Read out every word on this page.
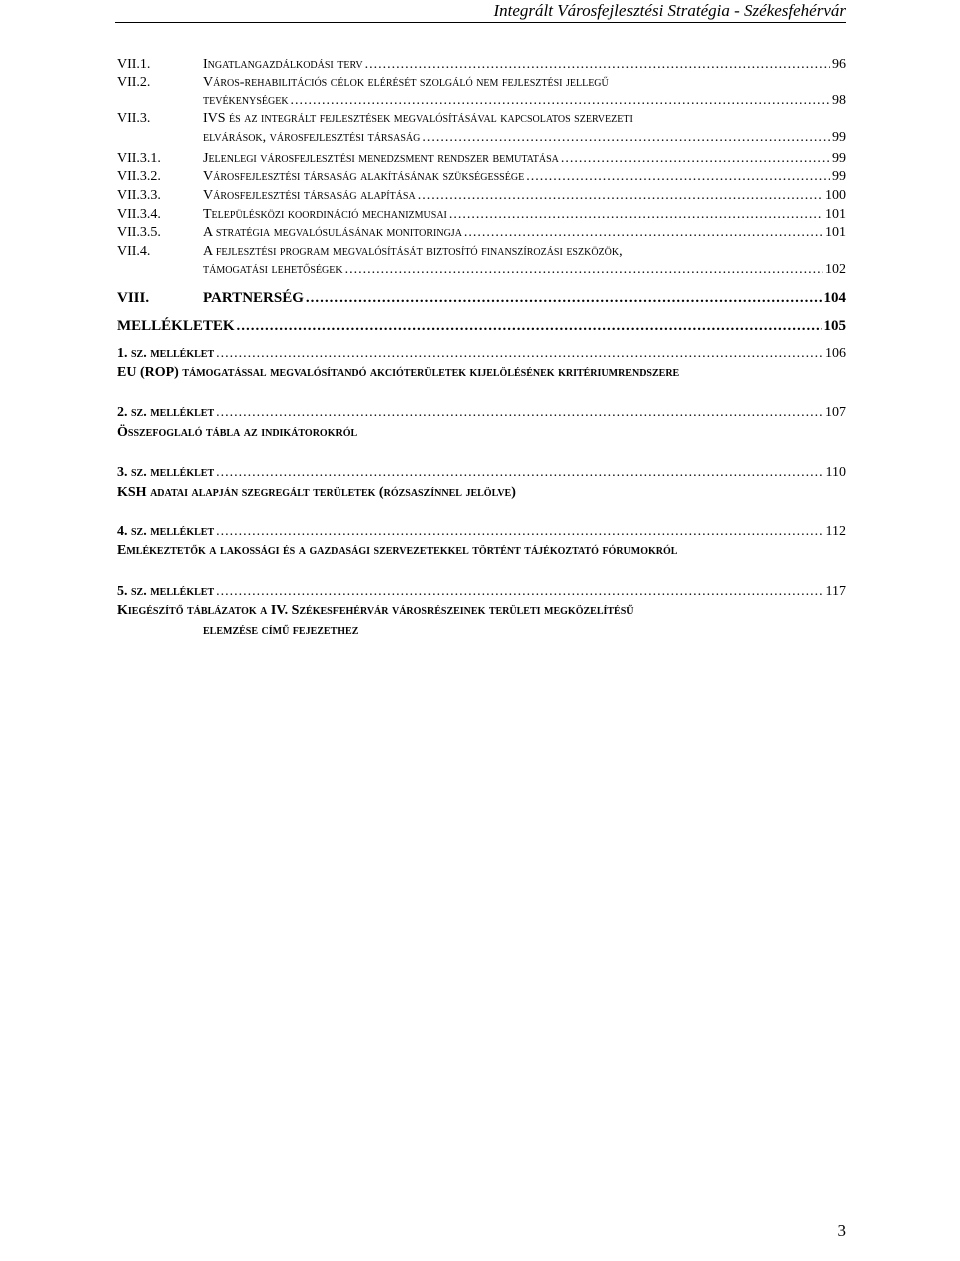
Integrált Városfejlesztési Stratégia - Székesfehérvár
VII.1.	Ingatlangazdálkodási terv .....	96
VII.2.	Város-rehabilitációs célok elérését szolgáló nem fejlesztési jellegű
tevékenységek .....	98
VII.3.	IVS és az integrált fejlesztések megvalósításával kapcsolatos szervezeti
elvárások, városfejlesztési társaság .....	99
VII.3.1.	Jelenlegi városfejlesztési menedzsment rendszer bemutatása .....	99
VII.3.2.	Városfejlesztési társaság alakításának szükségessége .....	99
VII.3.3.	Városfejlesztési társaság alapítása .....	100
VII.3.4.	Településközi koordináció mechanizmusai .....	101
VII.3.5.	A stratégia megvalósulásának monitoringja .....	101
VII.4.	A fejlesztési program megvalósítását biztosító finanszírozási eszközök,
támogatási lehetőségek .....	102
VIII.	PARTNERSÉG .....	104
MELLÉKLETEK .....	105
1. sz. melléklet .....	106
EU (ROP) támogatással megvalósítandó akcióterületek kijelölésének kritériumrendszere
2. sz. melléklet .....	107
Összefoglaló tábla az indikátorokról
3. sz. melléklet .....	110
KSH adatai alapján szegregált területek (rózsaszínnel jelölve)
4. sz. melléklet .....	112
Emlékeztetők a lakossági és a gazdasági szervezetekkel történt tájékoztató fórumokról
5. sz. melléklet .....	117
Kiegészítő táblázatok a IV. Székesfehérvár városrészeinek területi megközelítésű
elemzése című fejezethez
3
